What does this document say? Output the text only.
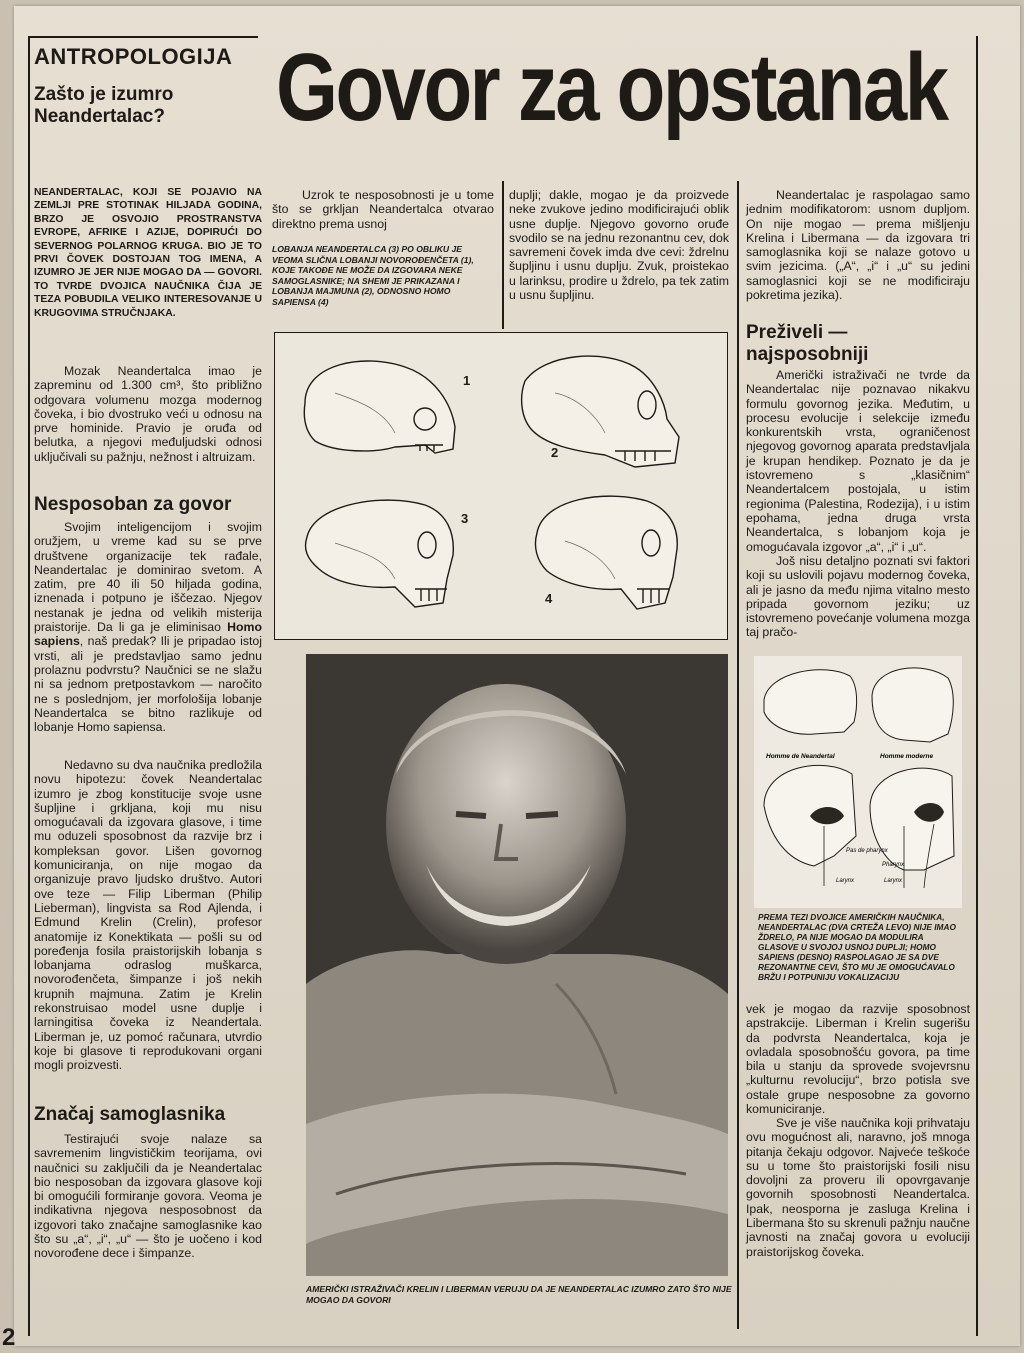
ANTROPOLOGIJA
Zašto je izumro Neandertalac?	Govor za opstanak
NEANDERTALAC, KOJI SE POJAVIO NA ZEMLJI PRE STOTINAK HILJADA GODINA, BRZO JE OSVOJIO PROSTRANSTVA EVROPE, AFRIKE I AZIJE, DOPIRUĆI DO SEVERNOG POLARNOG KRUGA. BIO JE TO PRVI ČOVEK DOSTOJAN TOG IMENA, A IZUMRO JE JER NIJE MOGAO DA — GOVORI. TO TVRDE DVOJICA NAUČNIKA ČIJA JE TEZA POBUDILA VELIKO INTERESOVANJE U KRUGOVIMA STRUČNJAKA.
Mozak Neandertalca imao je zapreminu od 1.300 cm³, što približno odgovara volumenu mozga modernog čoveka, i bio dvostruko veći u odnosu na prve hominide. Pravio je oruđa od belutka, a njegovi međuljudski odnosi uključivali su pažnju, nežnost i altruizam.
Nesposoban za govor
Svojim inteligencijom i svojim oružjem, u vreme kad su se prve društvene organizacije tek rađale, Neandertalac je dominirao svetom. A zatim, pre 40 ili 50 hiljada godina, iznenada i potpuno je iščezao. Njegov nestanak je jedna od velikih misterija praistorije. Da li ga je eliminisao Homo sapiens, naš predak? Ili je pripadao istoj vrsti, ali je predstavljao samo jednu prolaznu podvrstu? Naučnici se ne slažu ni sa jednom pretpostavkom — naročito ne s poslednjom, jer morfološija lobanje Neandertalca se bitno razlikuje od lobanje Homo sapiensa.
Nedavno su dva naučnika predložila novu hipotezu: čovek Neandertalac izumro je zbog konstitucije svoje usne šupljine i grkljana, koji mu nisu omogućavali da izgovara glasove, i time mu oduzeli sposobnost da razvije brz i kompleksan govor. Lišen govornog komuniciranja, on nije mogao da organizuje pravo ljudsko društvo. Autori ove teze — Filip Liberman (Philip Lieberman), lingvista sa Rod Ajlenda, i Edmund Krelin (Crelin), profesor anatomije iz Konektikata — pošli su od poređenja fosila praistorijskih lobanja s lobanjama odraslog muškarca, novorođenčeta, šimpanze i još nekih krupnih majmuna. Zatim je Krelin rekonstruisao model usne duplje i larningitisa čoveka iz Neandertala. Liberman je, uz pomoć računara, utvrdio koje bi glasove ti reprodukovani organi mogli proizvesti.
Značaj samoglasnika
Testirajući svoje nalaze sa savremenim lingvističkim teorijama, ovi naučnici su zaključili da je Neandertalac bio nesposoban da izgovara glasove koji bi omogućili formiranje govora. Veoma je indikativna njegova nesposobnost da izgovori tako značajne samoglasnike kao što su „a“, „i“, „u“ — što je uočeno i kod novorođene dece i šimpanze.
2
Uzrok te nesposobnosti je u tome što se grkljan Neandertalca otvarao direktno prema usnoj
LOBANJA NEANDERTALCA (3) PO OBLIKU JE VEOMA SLIČNA LOBANJI NOVOROĐENČETA (1), KOJE TAKOĐE NE MOŽE DA IZGOVARA NEKE SAMOGLASNIKE; NA SHEMI JE PRIKAZANA I LOBANJA MAJMUNA (2), ODNOSNO HOMO SAPIENSA (4)
duplji; dakle, mogao je da proizvede neke zvukove jedino modificirajući oblik usne duplje. Njegovo govorno oruđe svodilo se na jednu rezonantnu cev, dok savremeni čovek imda dve cevi: ždrelnu šupljinu i usnu duplju. Zvuk, proistekao u larinksu, prodire u ždrelo, pa tek zatim u usnu šupljinu.
1
2
3
4
AMERIČKI ISTRAŽIVAČI KRELIN I LIBERMAN VERUJU DA JE NEANDERTALAC IZUMRO ZATO ŠTO NIJE MOGAO DA GOVORI
Neandertalac je raspolagao samo jednim modifikatorom: usnom dupljom. On nije mogao — prema mišljenju Krelina i Libermana — da izgovara tri samoglasnika koji se nalaze gotovo u svim jezicima. („A“, „i“ i „u“ su jedini samoglasnici koji se ne modificiraju pokretima jezika).
Preživeli — najsposobniji
Američki istraživači ne tvrde da Neandertalac nije poznavao nikakvu formulu govornog jezika. Međutim, u procesu evolucije i selekcije između konkurentskih vrsta, ograničenost njegovog govornog aparata predstavljala je krupan hendikep. Poznato je da je istovremeno s „klasičnim“ Neandertalcem postojala, u istim regionima (Palestina, Rodezija), i u istim epohama, jedna druga vrsta Neandertalca, s lobanjom koja je omogućavala izgovor „a“, „i“ i „u“.
Još nisu detaljno poznati svi faktori koji su uslovili pojavu modernog čoveka, ali je jasno da među njima vitalno mesto pripada govornom jeziku; uz istovremeno povećanje volumena mozga taj pračo-
Homme de Neandertal	Homme moderne
Pas de pharynx
Pharynx
Larynx	Larynx
PREMA TEZI DVOJICE AMERIČKIH NAUČNIKA, NEANDERTALAC (DVA CRTEŽA LEVO) NIJE IMAO ŽDRELO, PA NIJE MOGAO DA MODULIRA GLASOVE U SVOJOJ USNOJ DUPLJI; HOMO SAPIENS (DESNO) RASPOLAGAO JE SA DVE REZONANTNE CEVI, ŠTO MU JE OMOGUĆAVALO BRŽU I POTPUNIJU VOKALIZACIJU
vek je mogao da razvije sposobnost apstrakcije. Liberman i Krelin sugerišu da podvrsta Neandertalca, koja je ovladala sposobnošću govora, pa time bila u stanju da sprovede svojevrsnu „kulturnu revoluciju“, brzo potisla sve ostale grupe nesposobne za govorno komuniciranje.
Sve je više naučnika koji prihvataju ovu mogućnost ali, naravno, još mnoga pitanja čekaju odgovor. Najveće teškoće su u tome što praistorijski fosili nisu dovoljni za proveru ili opovrgavanje govornih sposobnosti Neandertalca. Ipak, neosporna je zasluga Krelina i Libermana što su skrenuli pažnju naučne javnosti na značaj govora u evoluciji praistorijskog čoveka.
